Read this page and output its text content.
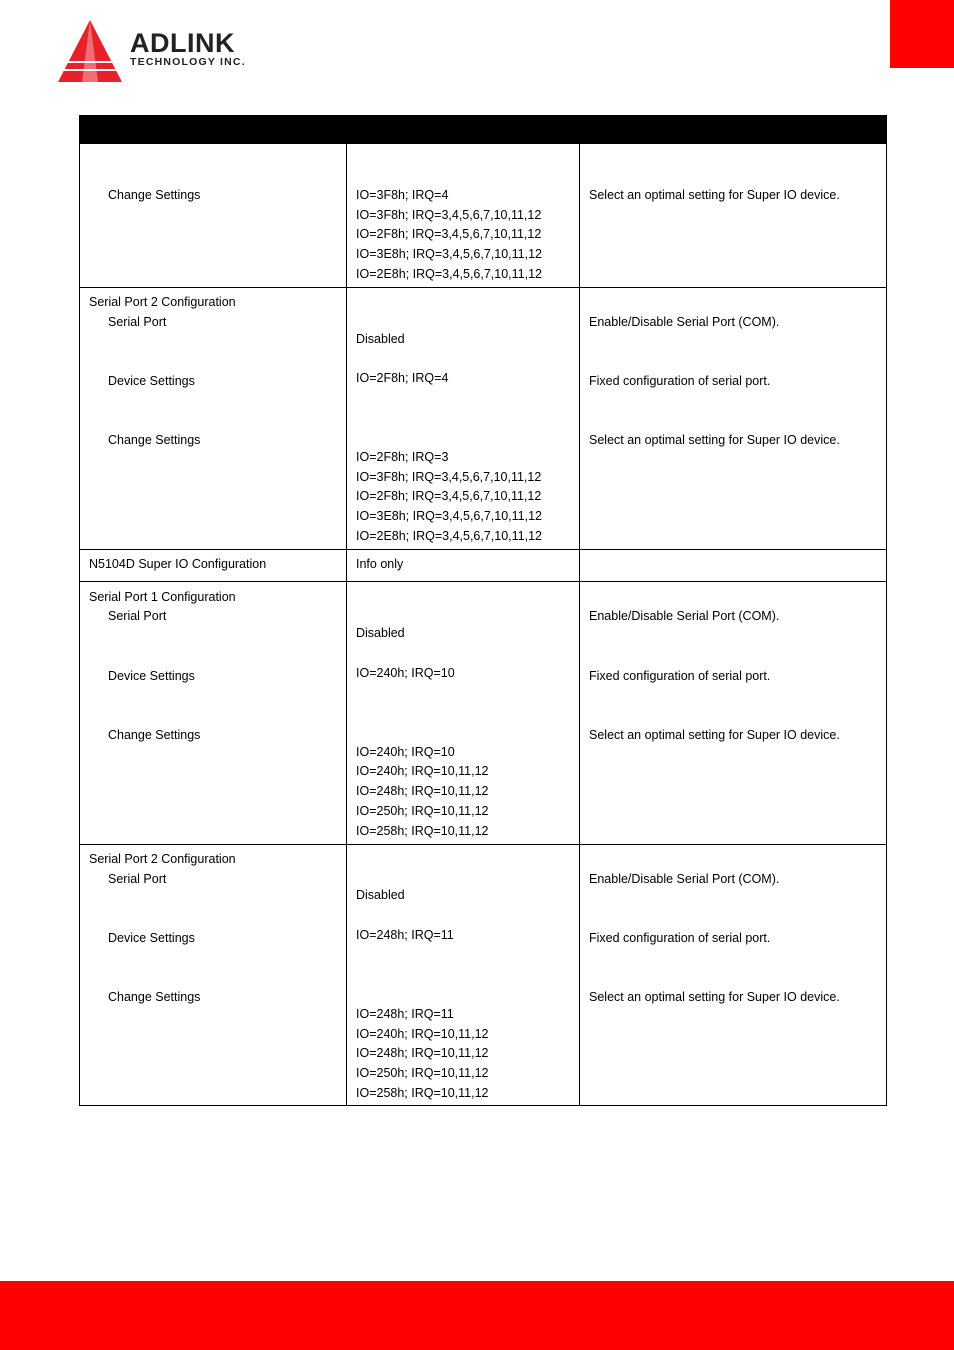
ADLINK
TECHNOLOGY INC.
Change Settings	IO=3F8h; IRQ=4
IO=3F8h; IRQ=3,4,5,6,7,10,11,12
IO=2F8h; IRQ=3,4,5,6,7,10,11,12
IO=3E8h; IRQ=3,4,5,6,7,10,11,12
IO=2E8h; IRQ=3,4,5,6,7,10,11,12
Select an optimal setting for Super IO device.
Serial Port 2 Configuration
Serial Port
Device Settings
Change Settings
Disabled
IO=2F8h; IRQ=4
IO=2F8h; IRQ=3
IO=3F8h; IRQ=3,4,5,6,7,10,11,12
IO=2F8h; IRQ=3,4,5,6,7,10,11,12
IO=3E8h; IRQ=3,4,5,6,7,10,11,12
IO=2E8h; IRQ=3,4,5,6,7,10,11,12
Enable/Disable Serial Port (COM).
Fixed configuration of serial port.
Select an optimal setting for Super IO device.
N5104D Super IO Configuration	Info only
Serial Port 1 Configuration
Serial Port
Device Settings
Change Settings
Disabled
IO=240h; IRQ=10
IO=240h; IRQ=10
IO=240h; IRQ=10,11,12
IO=248h; IRQ=10,11,12
IO=250h; IRQ=10,11,12
IO=258h; IRQ=10,11,12
Enable/Disable Serial Port (COM).
Fixed configuration of serial port.
Select an optimal setting for Super IO device.
Serial Port 2 Configuration
Serial Port
Device Settings
Change Settings
Disabled
IO=248h; IRQ=11
IO=248h; IRQ=11
IO=240h; IRQ=10,11,12
IO=248h; IRQ=10,11,12
IO=250h; IRQ=10,11,12
IO=258h; IRQ=10,11,12
Enable/Disable Serial Port (COM).
Fixed configuration of serial port.
Select an optimal setting for Super IO device.
